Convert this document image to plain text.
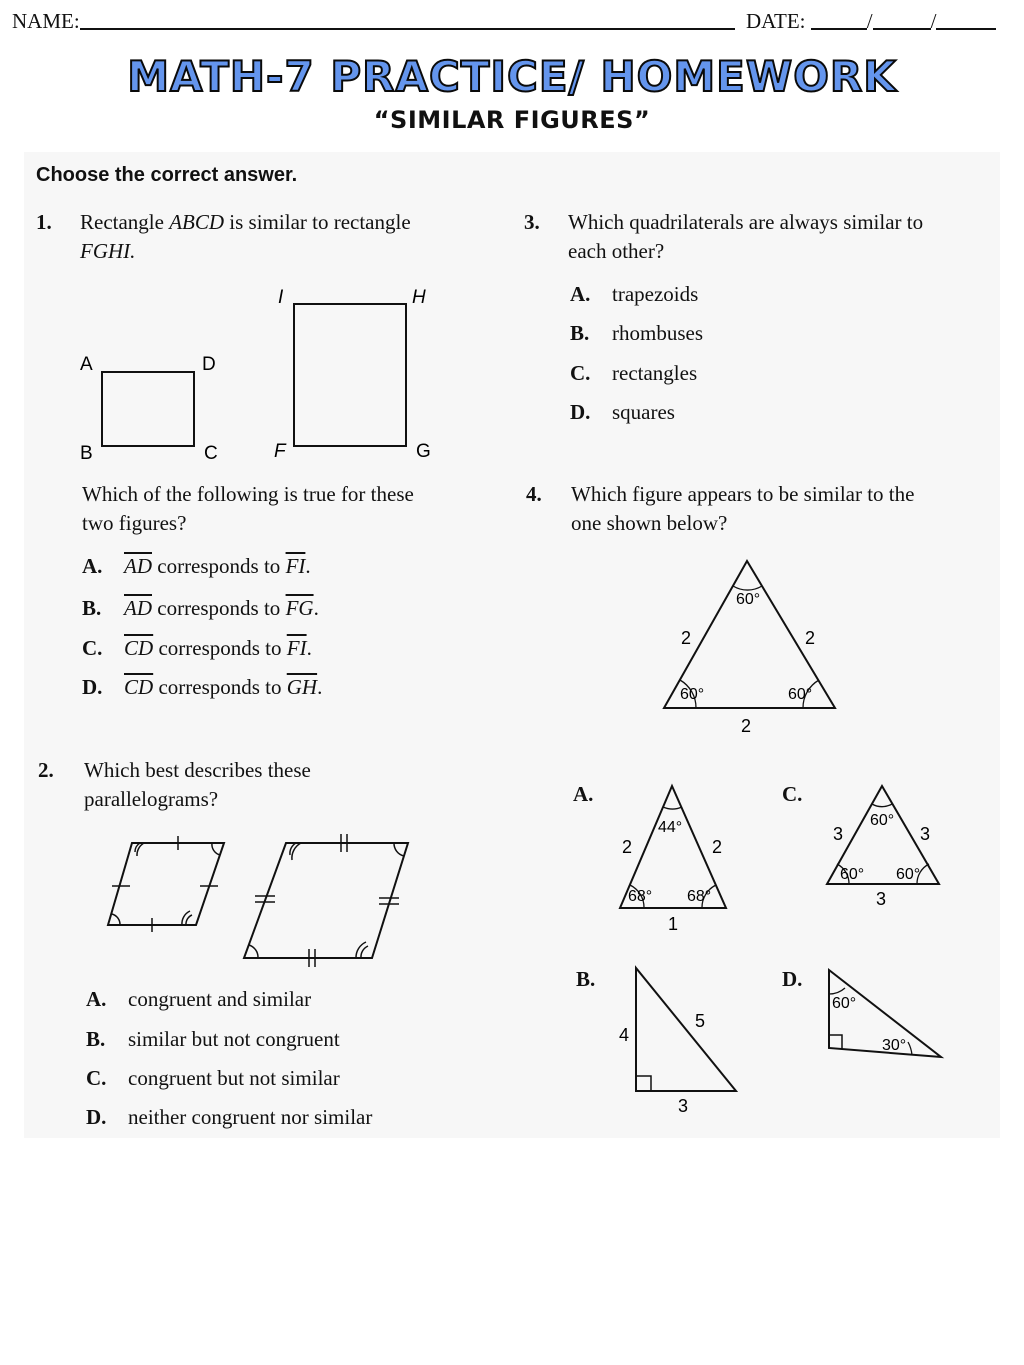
NAME:	DATE:	/	/
MATH-7 PRACTICE/ HOMEWORK
“SIMILAR FIGURES”
Choose the correct answer.
1. Rectangle ABCD is similar to rectangle
FGHI.
A	D
B	C
I	H
F	G
Which of the following is true for these
two figures?
A. $\overline{AD}$ corresponds to $\overline{FI}$.
B. $\overline{AD}$ corresponds to $\overline{FG}$.
C. $\overline{CD}$ corresponds to $\overline{FI}$.
D. $\overline{CD}$ corresponds to $\overline{GH}$.
2. Which best describes these
parallelograms?
A. congruent and similar
B. similar but not congruent
C. congruent but not similar
D. neither congruent nor similar
3. Which quadrilaterals are always similar to
each other?
A. trapezoids
B. rhombuses
C. rectangles
D. squares
4. Which figure appears to be similar to the
one shown below?
60°
60°	60°
2	2
2
A.
44°
68° 68°
2	2
1
C.
60°
60° 60°
3	3
3
B.
4
5
3
D.
60°
30°
